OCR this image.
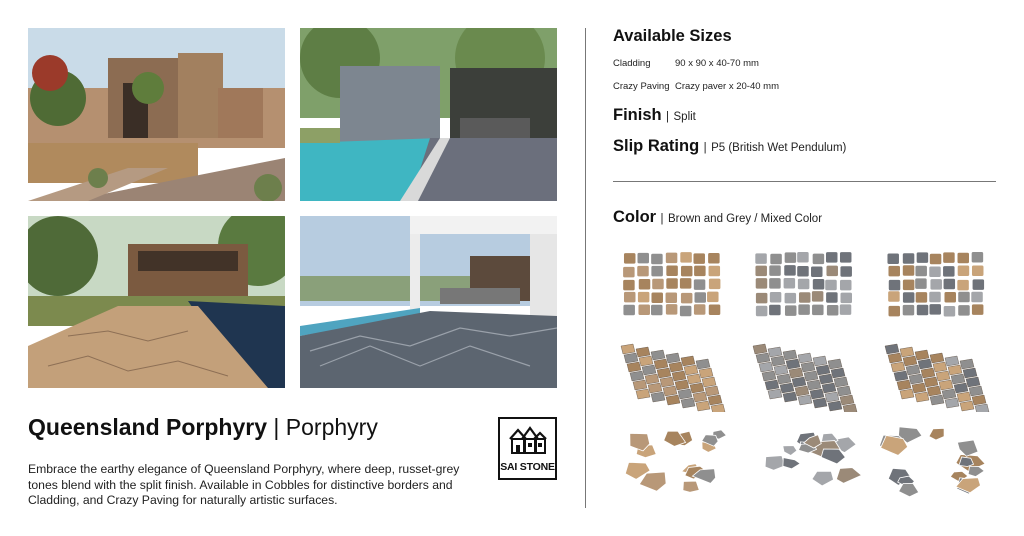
Queensland Porphyry | Porphyry

Embrace the earthy elegance of Queensland Porphyry, where deep, russet-grey tones blend with the split finish. Available in Cobbles for distinctive borders and Cladding, and Crazy Paving for naturally artistic surfaces.

SAI STONE
Available Sizes
Cladding	90 x 90 x 40-70 mm
Crazy Paving Crazy paver x 20-40 mm
Finish | Split
Slip Rating | P5 (British Wet Pendulum)
Color | Brown and Grey / Mixed Color
